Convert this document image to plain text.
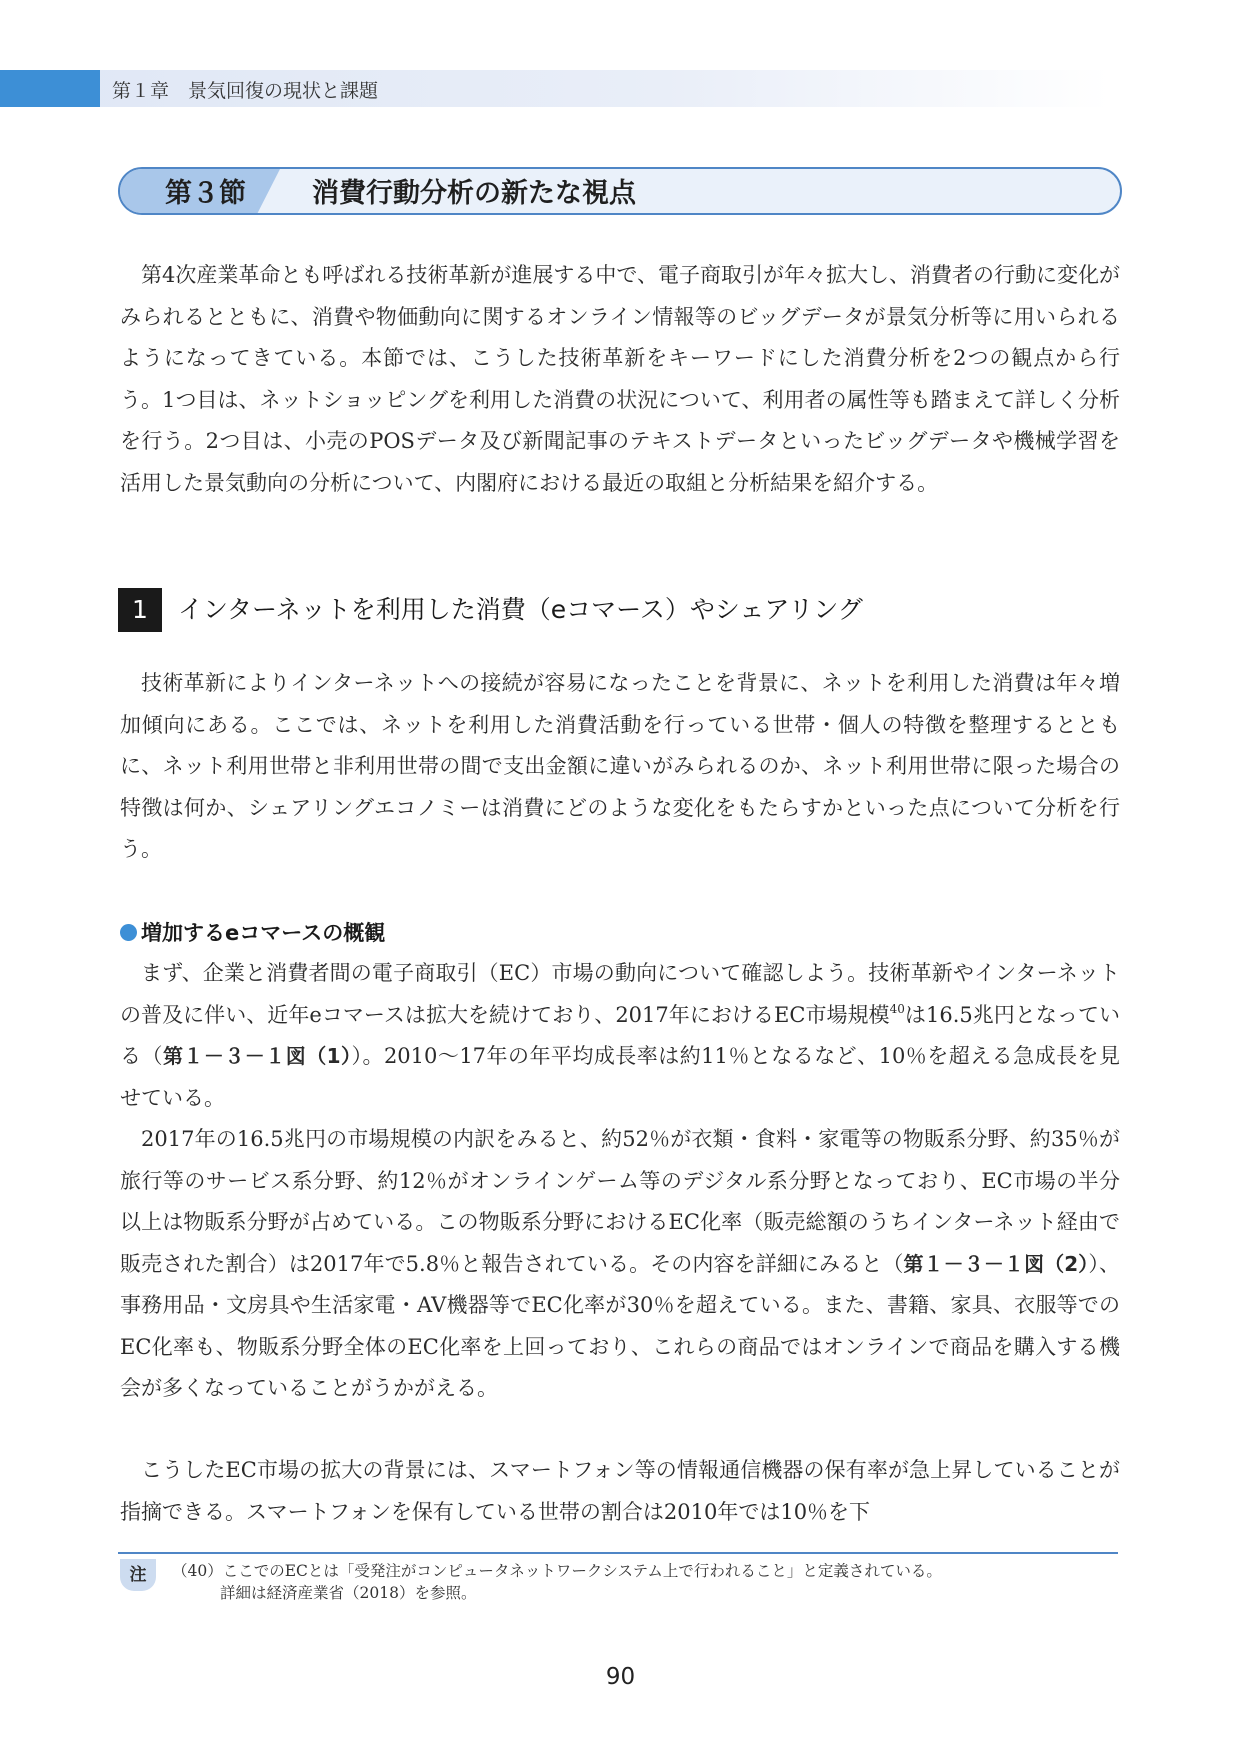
第１章　景気回復の現状と課題
第３節 消費行動分析の新たな視点

第4次産業革命とも呼ばれる技術革新が進展する中で、電子商取引が年々拡大し、消費者の行動に変化がみられるとともに、消費や物価動向に関するオンライン情報等のビッグデータが景気分析等に用いられるようになってきている。本節では、こうした技術革新をキーワードにした消費分析を2つの観点から行う。1つ目は、ネットショッピングを利用した消費の状況について、利用者の属性等も踏まえて詳しく分析を行う。2つ目は、小売のPOSデータ及び新聞記事のテキストデータといったビッグデータや機械学習を活用した景気動向の分析について、内閣府における最近の取組と分析結果を紹介する。

1	インターネットを利用した消費（eコマース）やシェアリング

技術革新によりインターネットへの接続が容易になったことを背景に、ネットを利用した消費は年々増加傾向にある。ここでは、ネットを利用した消費活動を行っている世帯・個人の特徴を整理するとともに、ネット利用世帯と非利用世帯の間で支出金額に違いがみられるのか、ネット利用世帯に限った場合の特徴は何か、シェアリングエコノミーは消費にどのような変化をもたらすかといった点について分析を行う。

増加するeコマースの概観

まず、企業と消費者間の電子商取引（EC）市場の動向について確認しよう。技術革新やインターネットの普及に伴い、近年eコマースは拡大を続けており、2017年におけるEC市場規模$^{40}$は16.5兆円となっている（第１－３－１図（1））。2010～17年の年平均成長率は約11％となるなど、10％を超える急成長を見せている。

2017年の16.5兆円の市場規模の内訳をみると、約52％が衣類・食料・家電等の物販系分野、約35％が旅行等のサービス系分野、約12％がオンラインゲーム等のデジタル系分野となっており、EC市場の半分以上は物販系分野が占めている。この物販系分野におけるEC化率（販売総額のうちインターネット経由で販売された割合）は2017年で5.8％と報告されている。その内容を詳細にみると（第１－３－１図（2））、事務用品・文房具や生活家電・AV機器等でEC化率が30％を超えている。また、書籍、家具、衣服等でのEC化率も、物販系分野全体のEC化率を上回っており、これらの商品ではオンラインで商品を購入する機会が多くなっていることがうかがえる。

こうしたEC市場の拡大の背景には、スマートフォン等の情報通信機器の保有率が急上昇していることが指摘できる。スマートフォンを保有している世帯の割合は2010年では10％を下

注	（40）ここでのECとは「受発注がコンピュータネットワークシステム上で行われること」と定義されている。
詳細は経済産業省（2018）を参照。

90
